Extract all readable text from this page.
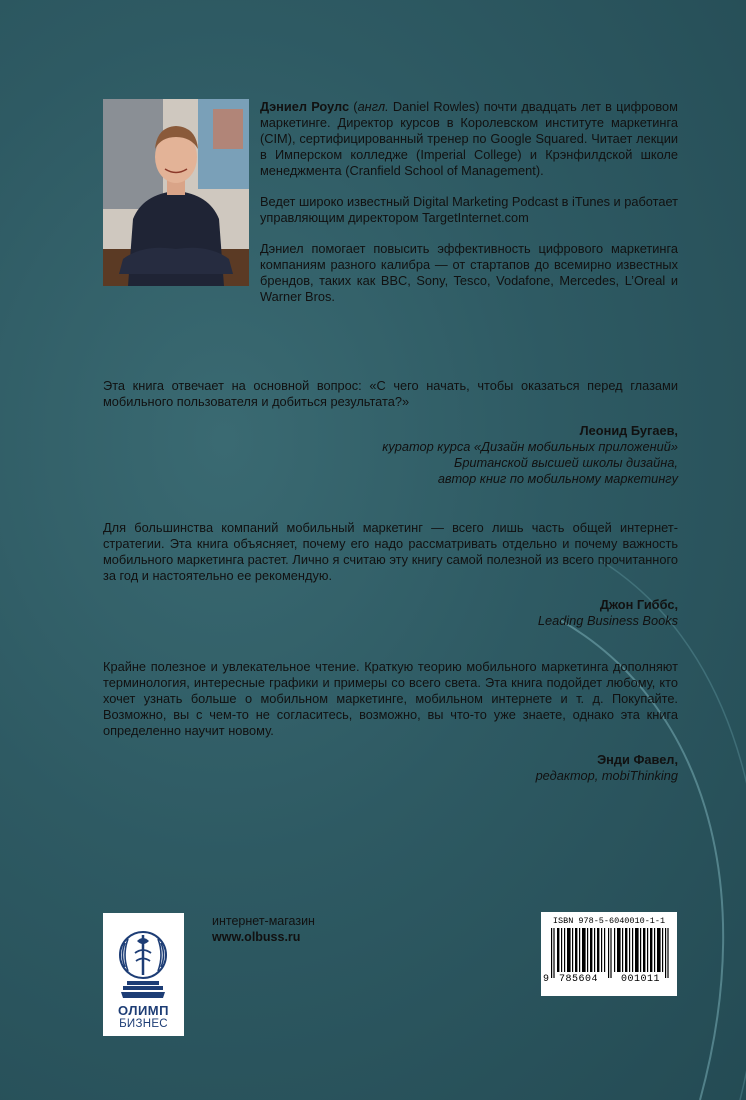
Дэниел Роулс (англ. Daniel Rowles) почти двадцать лет в цифровом маркетинге. Директор курсов в Королевском институте маркетинга (CIM), сертифицированный тренер по Google Squared. Читает лекции в Имперском колледже (Imperial College) и Крэнфилдской школе менеджмента (Cranfield School of Management).

Ведет широко известный Digital Marketing Podcast в iTunes и работает управляющим директором TargetInternet.com

Дэниел помогает повысить эффективность цифрового маркетинга компаниям разного калибра — от стартапов до всемирно известных брендов, таких как BBC, Sony, Tesco, Vodafone, Mercedes, L’Oreal и Warner Bros.

Эта книга отвечает на основной вопрос: «С чего начать, чтобы оказаться перед глазами мобильного пользователя и добиться результата?»

Леонид Бугаев,
куратор курса «Дизайн мобильных приложений»
Британской высшей школы дизайна,
автор книг по мобильному маркетингу

Для большинства компаний мобильный маркетинг — всего лишь часть общей интернет-стратегии. Эта книга объясняет, почему его надо рассматривать отдельно и почему важность мобильного маркетинга растет. Лично я считаю эту книгу самой полезной из всего прочитанного за год и настоятельно ее рекомендую.

Джон Гиббс,
Leading Business Books

Крайне полезное и увлекательное чтение. Краткую теорию мобильного маркетинга дополняют терминология, интересные графики и примеры со всего света. Эта книга подойдет любому, кто хочет узнать больше о мобильном маркетинге, мобильном интернете и т. д. Покупайте. Возможно, вы с чем-то не согласитесь, возможно, вы что-то уже знаете, однако эта книга определенно научит новому.

Энди Фавел,
редактор, mobiThinking
ОЛИМП
БИЗНЕС
интернет-магазин
www.olbuss.ru
ISBN 978-5-6040010-1-1
9 785604 001011
